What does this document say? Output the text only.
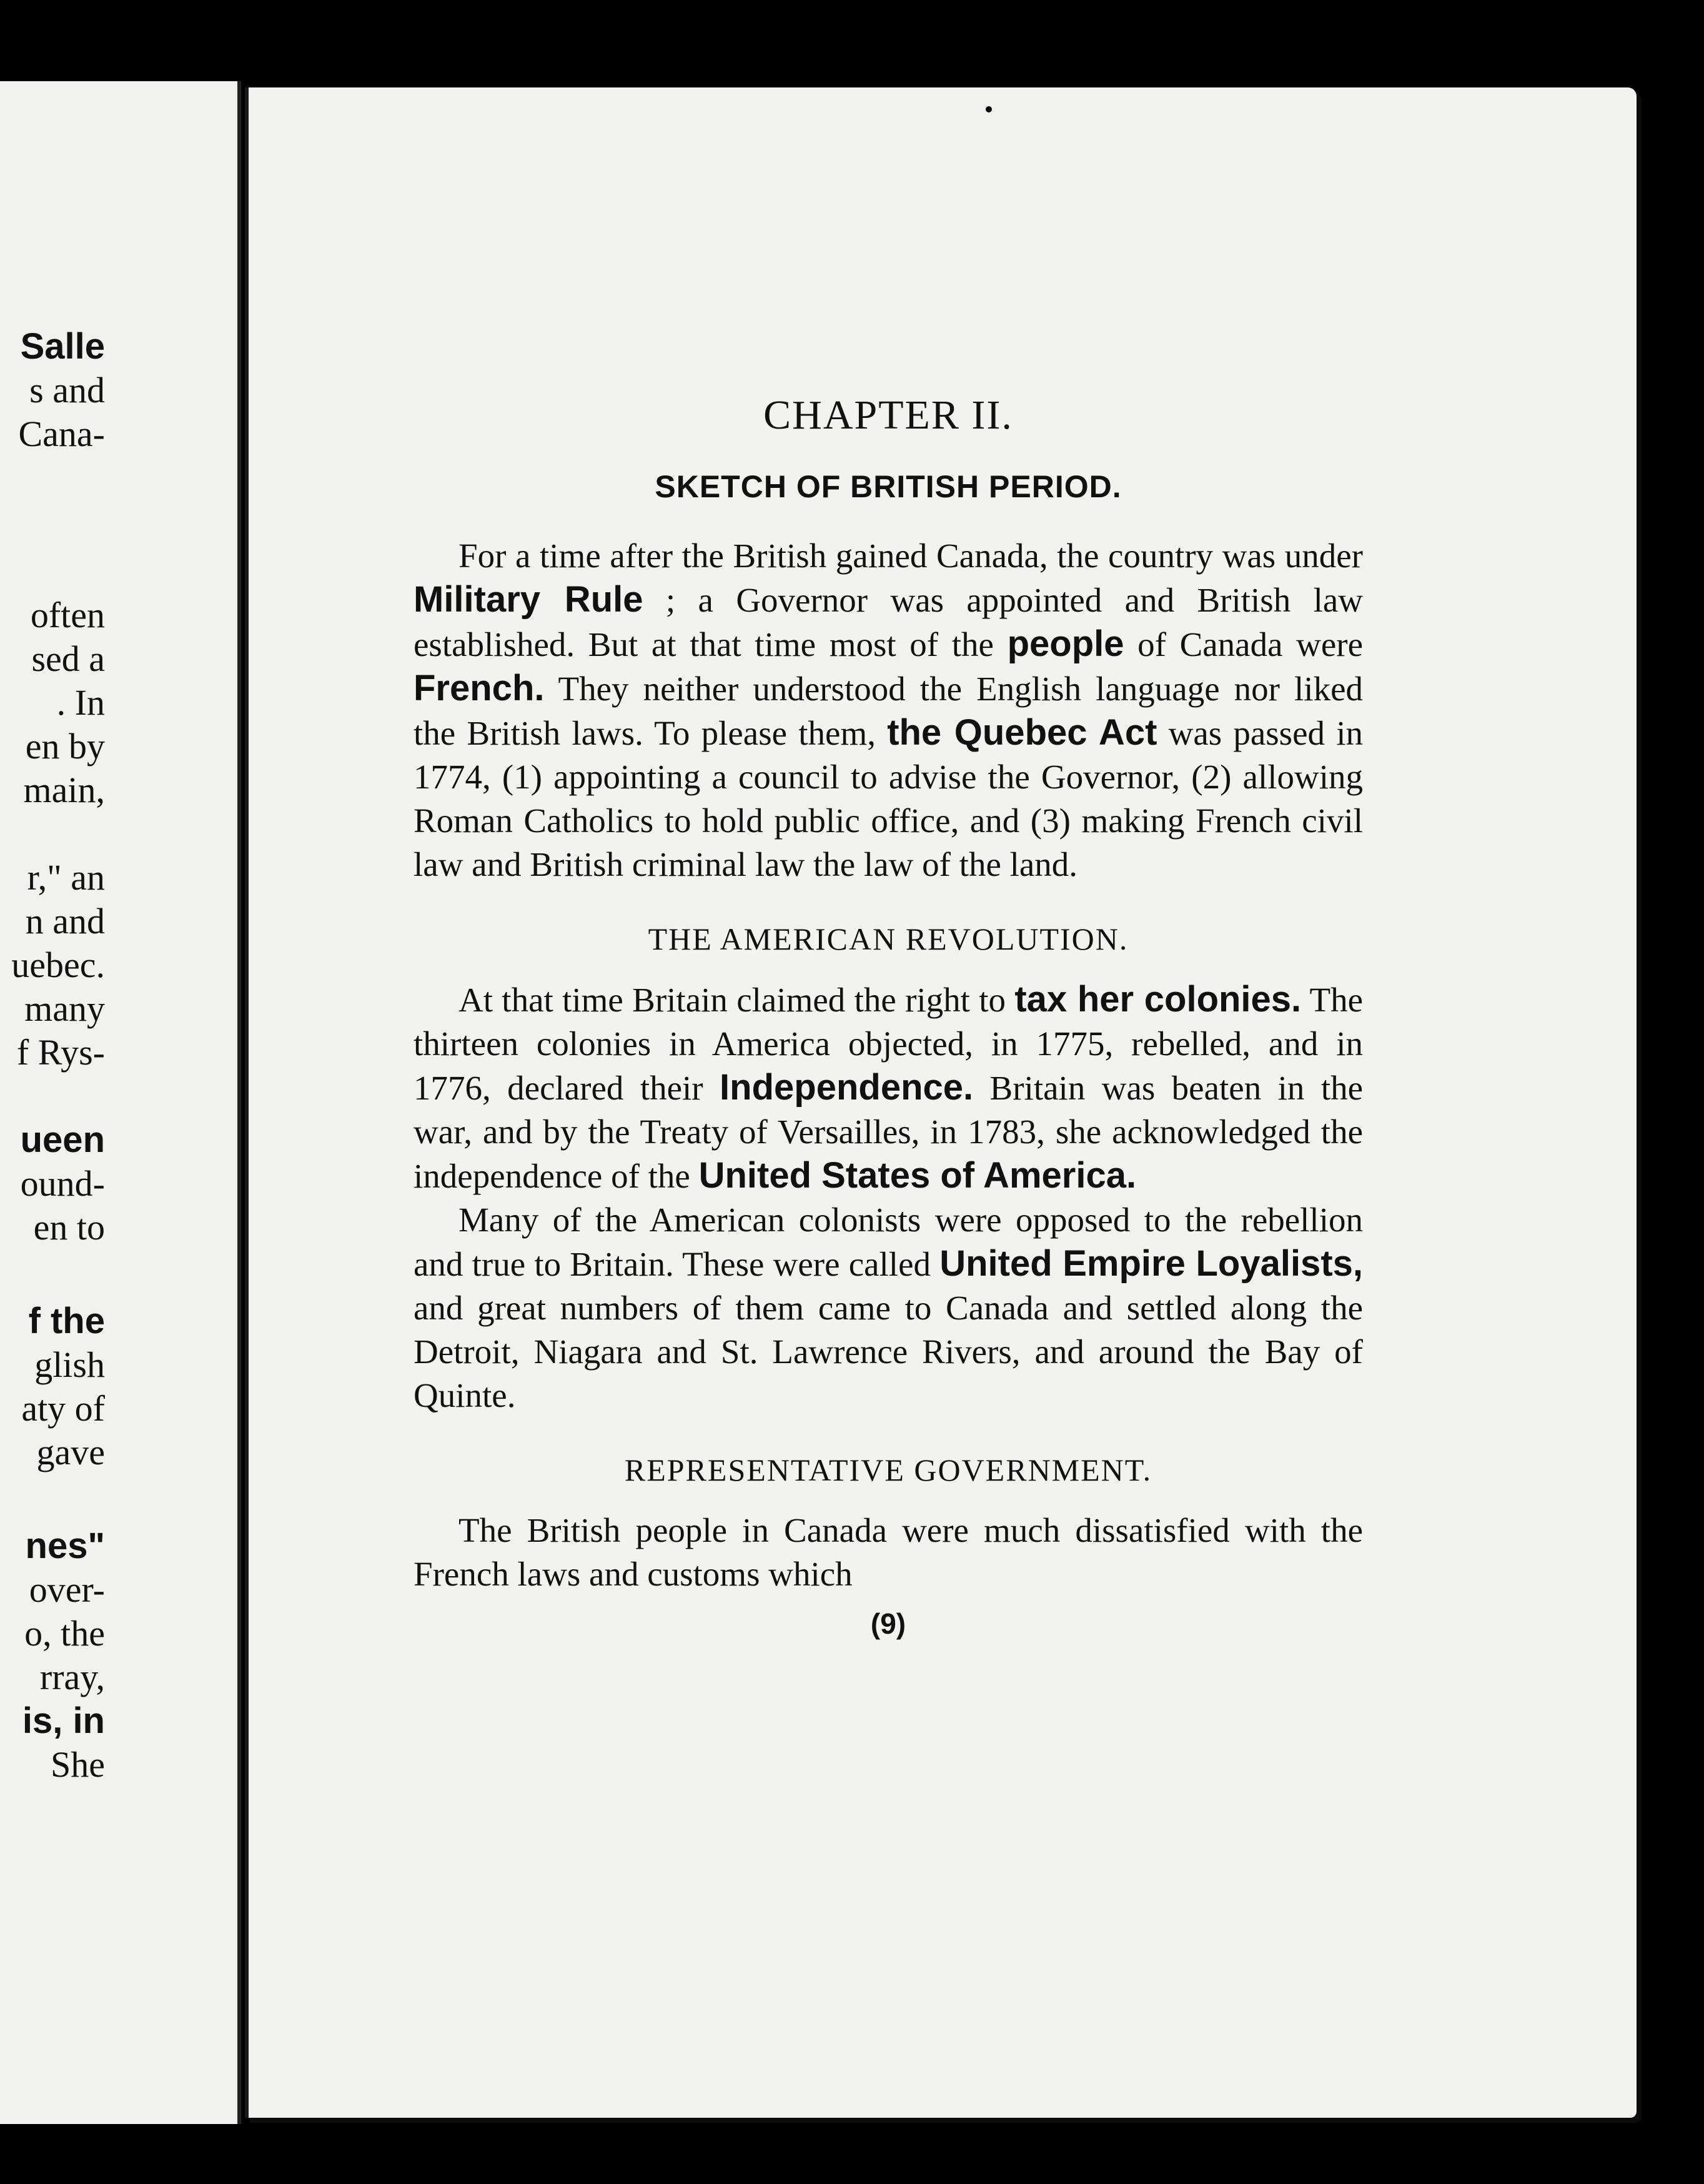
Salle
s and
Cana-
often
sed a
. In
en by
main,
r," an
n and
uebec.
many
f Rys-
ueen
ound-
en to
f the
glish
aty of
gave
nes"
over-
o, the
rray,
is, in
She
CHAPTER II.
SKETCH OF BRITISH PERIOD.

For a time after the British gained Canada, the country was under Military Rule ; a Governor was appointed and British law established. But at that time most of the people of Canada were French. They neither understood the English language nor liked the British laws. To please them, the Quebec Act was passed in 1774, (1) appointing a council to advise the Governor, (2) allowing Roman Catholics to hold public office, and (3) making French civil law and British criminal law the law of the land.

THE AMERICAN REVOLUTION.

At that time Britain claimed the right to tax her colonies. The thirteen colonies in America objected, in 1775, rebelled, and in 1776, declared their Independence. Britain was beaten in the war, and by the Treaty of Versailles, in 1783, she acknowledged the independence of the United States of America.

Many of the American colonists were opposed to the rebellion and true to Britain. These were called United Empire Loyalists, and great numbers of them came to Canada and settled along the Detroit, Niagara and St. Lawrence Rivers, and around the Bay of Quinte.

REPRESENTATIVE GOVERNMENT.

The British people in Canada were much dissatisfied with the French laws and customs which

(9)
